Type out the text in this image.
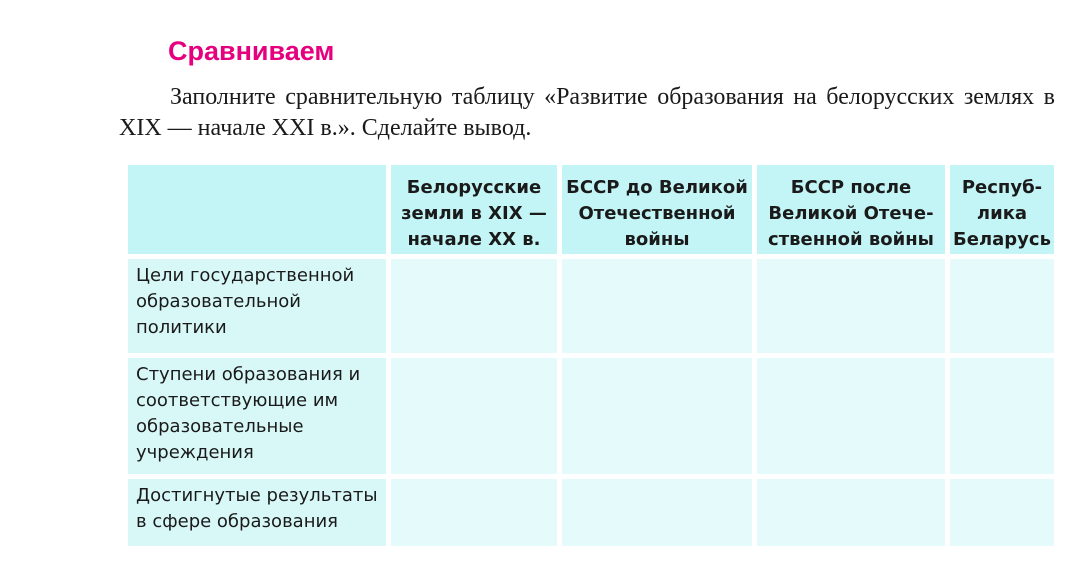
Сравниваем

Заполните сравнительную таблицу «Развитие образования на белорусских землях в XIX — начале XXI в.». Сделайте вывод.

	Белорусские земли в XIX — начале XX в.	БССР до Великой Отечественной войны	БССР после Великой Отечественной войны	Республика Беларусь

Цели государственной образовательной политики				
Ступени образования и соответствующие им образовательные учреждения				
Достигнутые результаты в сфере образования				
